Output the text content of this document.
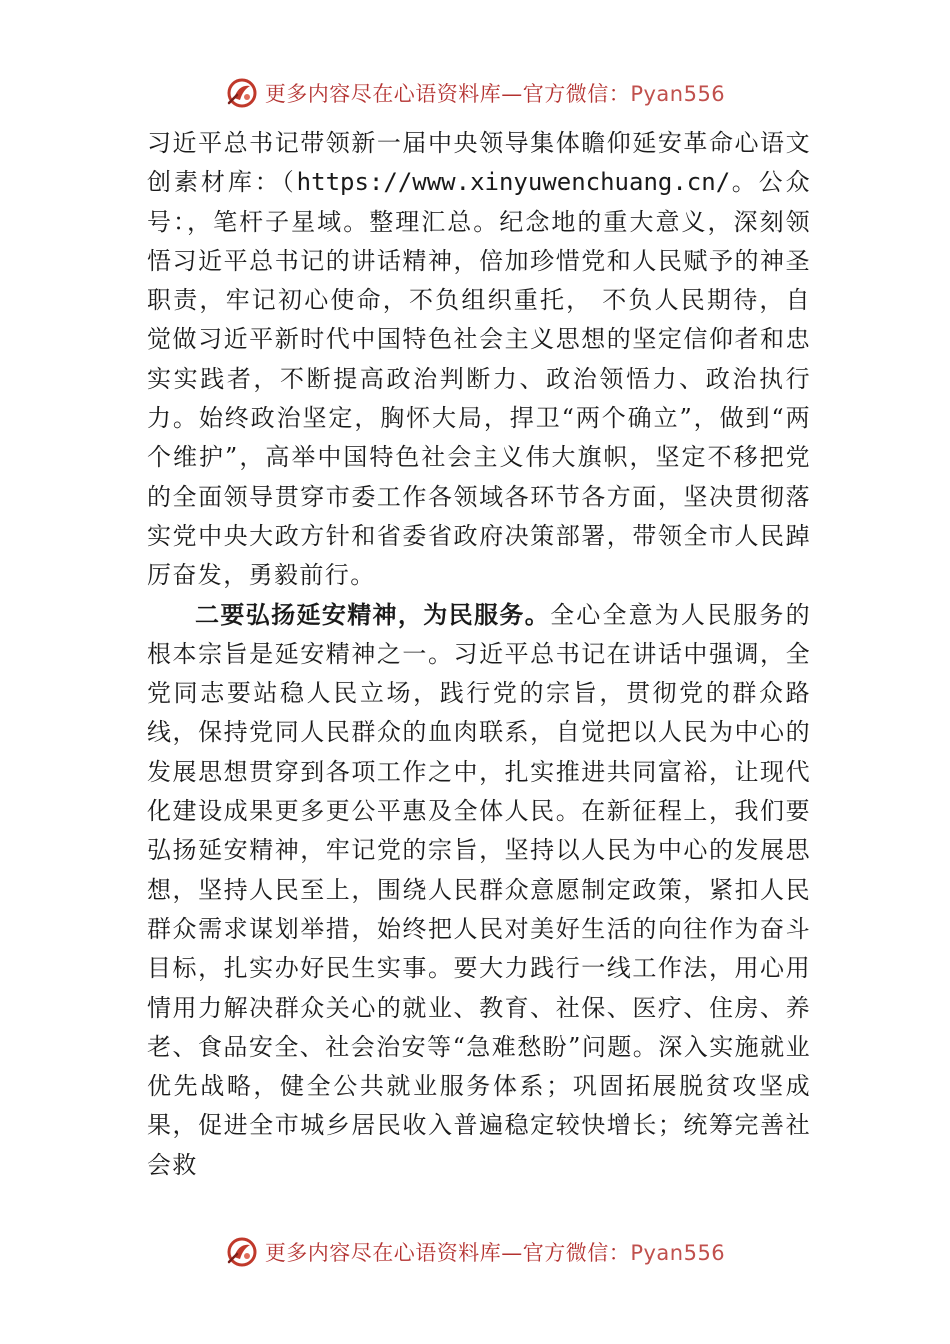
更多内容尽在心语资料库—官方微信：Pyan556

习近平总书记带领新一届中央领导集体瞻仰延安革命心语文创素材库：（https://www.xinyuwenchuang.cn/。公众号：，笔杆子星域。整理汇总。纪念地的重大意义，深刻领悟习近平总书记的讲话精神，倍加珍惜党和人民赋予的神圣职责，牢记初心使命，不负组织重托， 不负人民期待，自觉做习近平新时代中国特色社会主义思想的坚定信仰者和忠实实践者，不断提高政治判断力、政治领悟力、政治执行力。始终政治坚定，胸怀大局，捍卫“两个确立”，做到“两个维护”，高举中国特色社会主义伟大旗帜，坚定不移把党的全面领导贯穿市委工作各领域各环节各方面，坚决贯彻落实党中央大政方针和省委省政府决策部署，带领全市人民踔厉奋发，勇毅前行。

二要弘扬延安精神，为民服务。全心全意为人民服务的根本宗旨是延安精神之一。习近平总书记在讲话中强调，全党同志要站稳人民立场，践行党的宗旨，贯彻党的群众路线，保持党同人民群众的血肉联系，自觉把以人民为中心的发展思想贯穿到各项工作之中，扎实推进共同富裕，让现代化建设成果更多更公平惠及全体人民。在新征程上，我们要弘扬延安精神，牢记党的宗旨，坚持以人民为中心的发展思想，坚持人民至上，围绕人民群众意愿制定政策，紧扣人民群众需求谋划举措，始终把人民对美好生活的向往作为奋斗目标，扎实办好民生实事。要大力践行一线工作法，用心用情用力解决群众关心的就业、教育、社保、医疗、住房、养老、食品安全、社会治安等“急难愁盼”问题。深入实施就业优先战略，健全公共就业服务体系；巩固拓展脱贫攻坚成果，促进全市城乡居民收入普遍稳定较快增长；统筹完善社会救

更多内容尽在心语资料库—官方微信：Pyan556
